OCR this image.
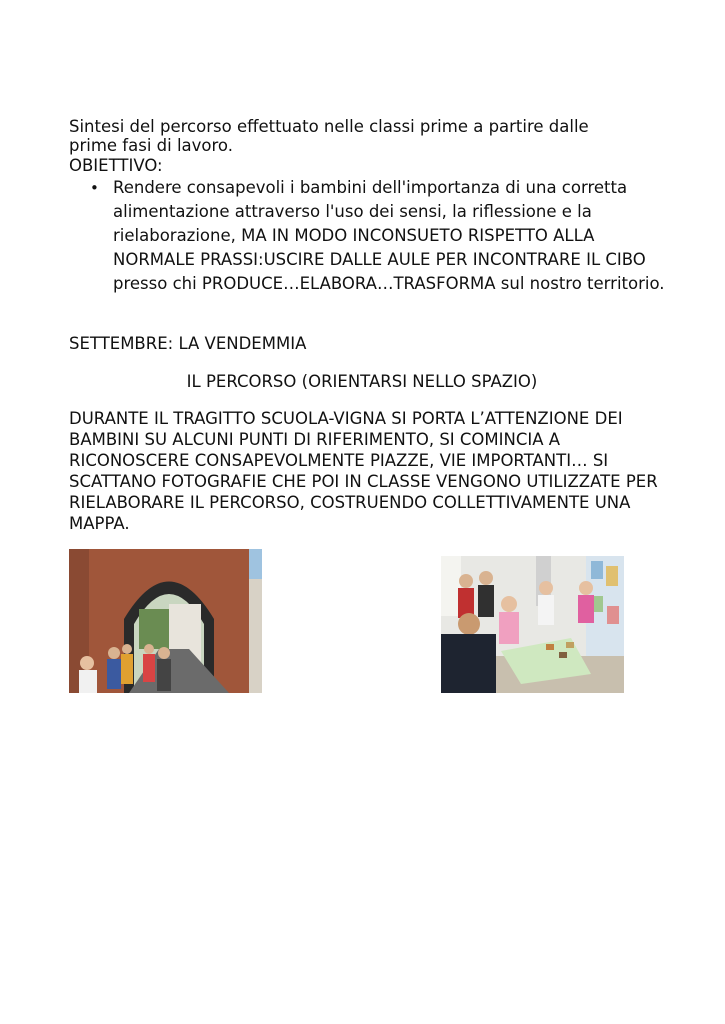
Sintesi del percorso effettuato nelle classi prime a partire dalle
prime fasi di lavoro.
OBIETTIVO:
• Rendere consapevoli i bambini dell'importanza di una corretta alimentazione attraverso l'uso dei sensi, la riflessione e la rielaborazione, MA IN MODO INCONSUETO RISPETTO ALLA NORMALE PRASSI:USCIRE DALLE AULE PER INCONTRARE IL CIBO presso chi PRODUCE…ELABORA…TRASFORMA sul nostro territorio.
SETTEMBRE: LA VENDEMMIA
IL PERCORSO (ORIENTARSI NELLO SPAZIO)
DURANTE IL TRAGITTO SCUOLA-VIGNA SI PORTA L’ATTENZIONE DEI BAMBINI SU ALCUNI PUNTI DI RIFERIMENTO, SI COMINCIA A RICONOSCERE CONSAPEVOLMENTE PIAZZE, VIE IMPORTANTI… SI SCATTANO FOTOGRAFIE CHE POI IN CLASSE VENGONO UTILIZZATE PER RIELABORARE IL PERCORSO, COSTRUENDO COLLETTIVAMENTE UNA MAPPA.
